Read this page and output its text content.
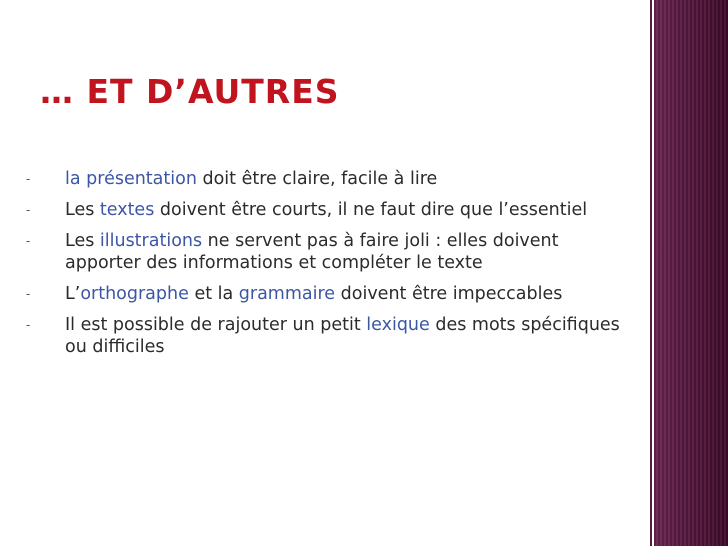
… ET D’AUTRES
- la présentation doit être claire, facile à lire
- Les textes doivent être courts, il ne faut dire que l’essentiel
- Les illustrations ne servent pas à faire joli : elles doivent apporter des informations et compléter le texte
- L’orthographe et la grammaire doivent être impeccables
- Il est possible de rajouter un petit lexique des mots spécifiques ou difficiles
